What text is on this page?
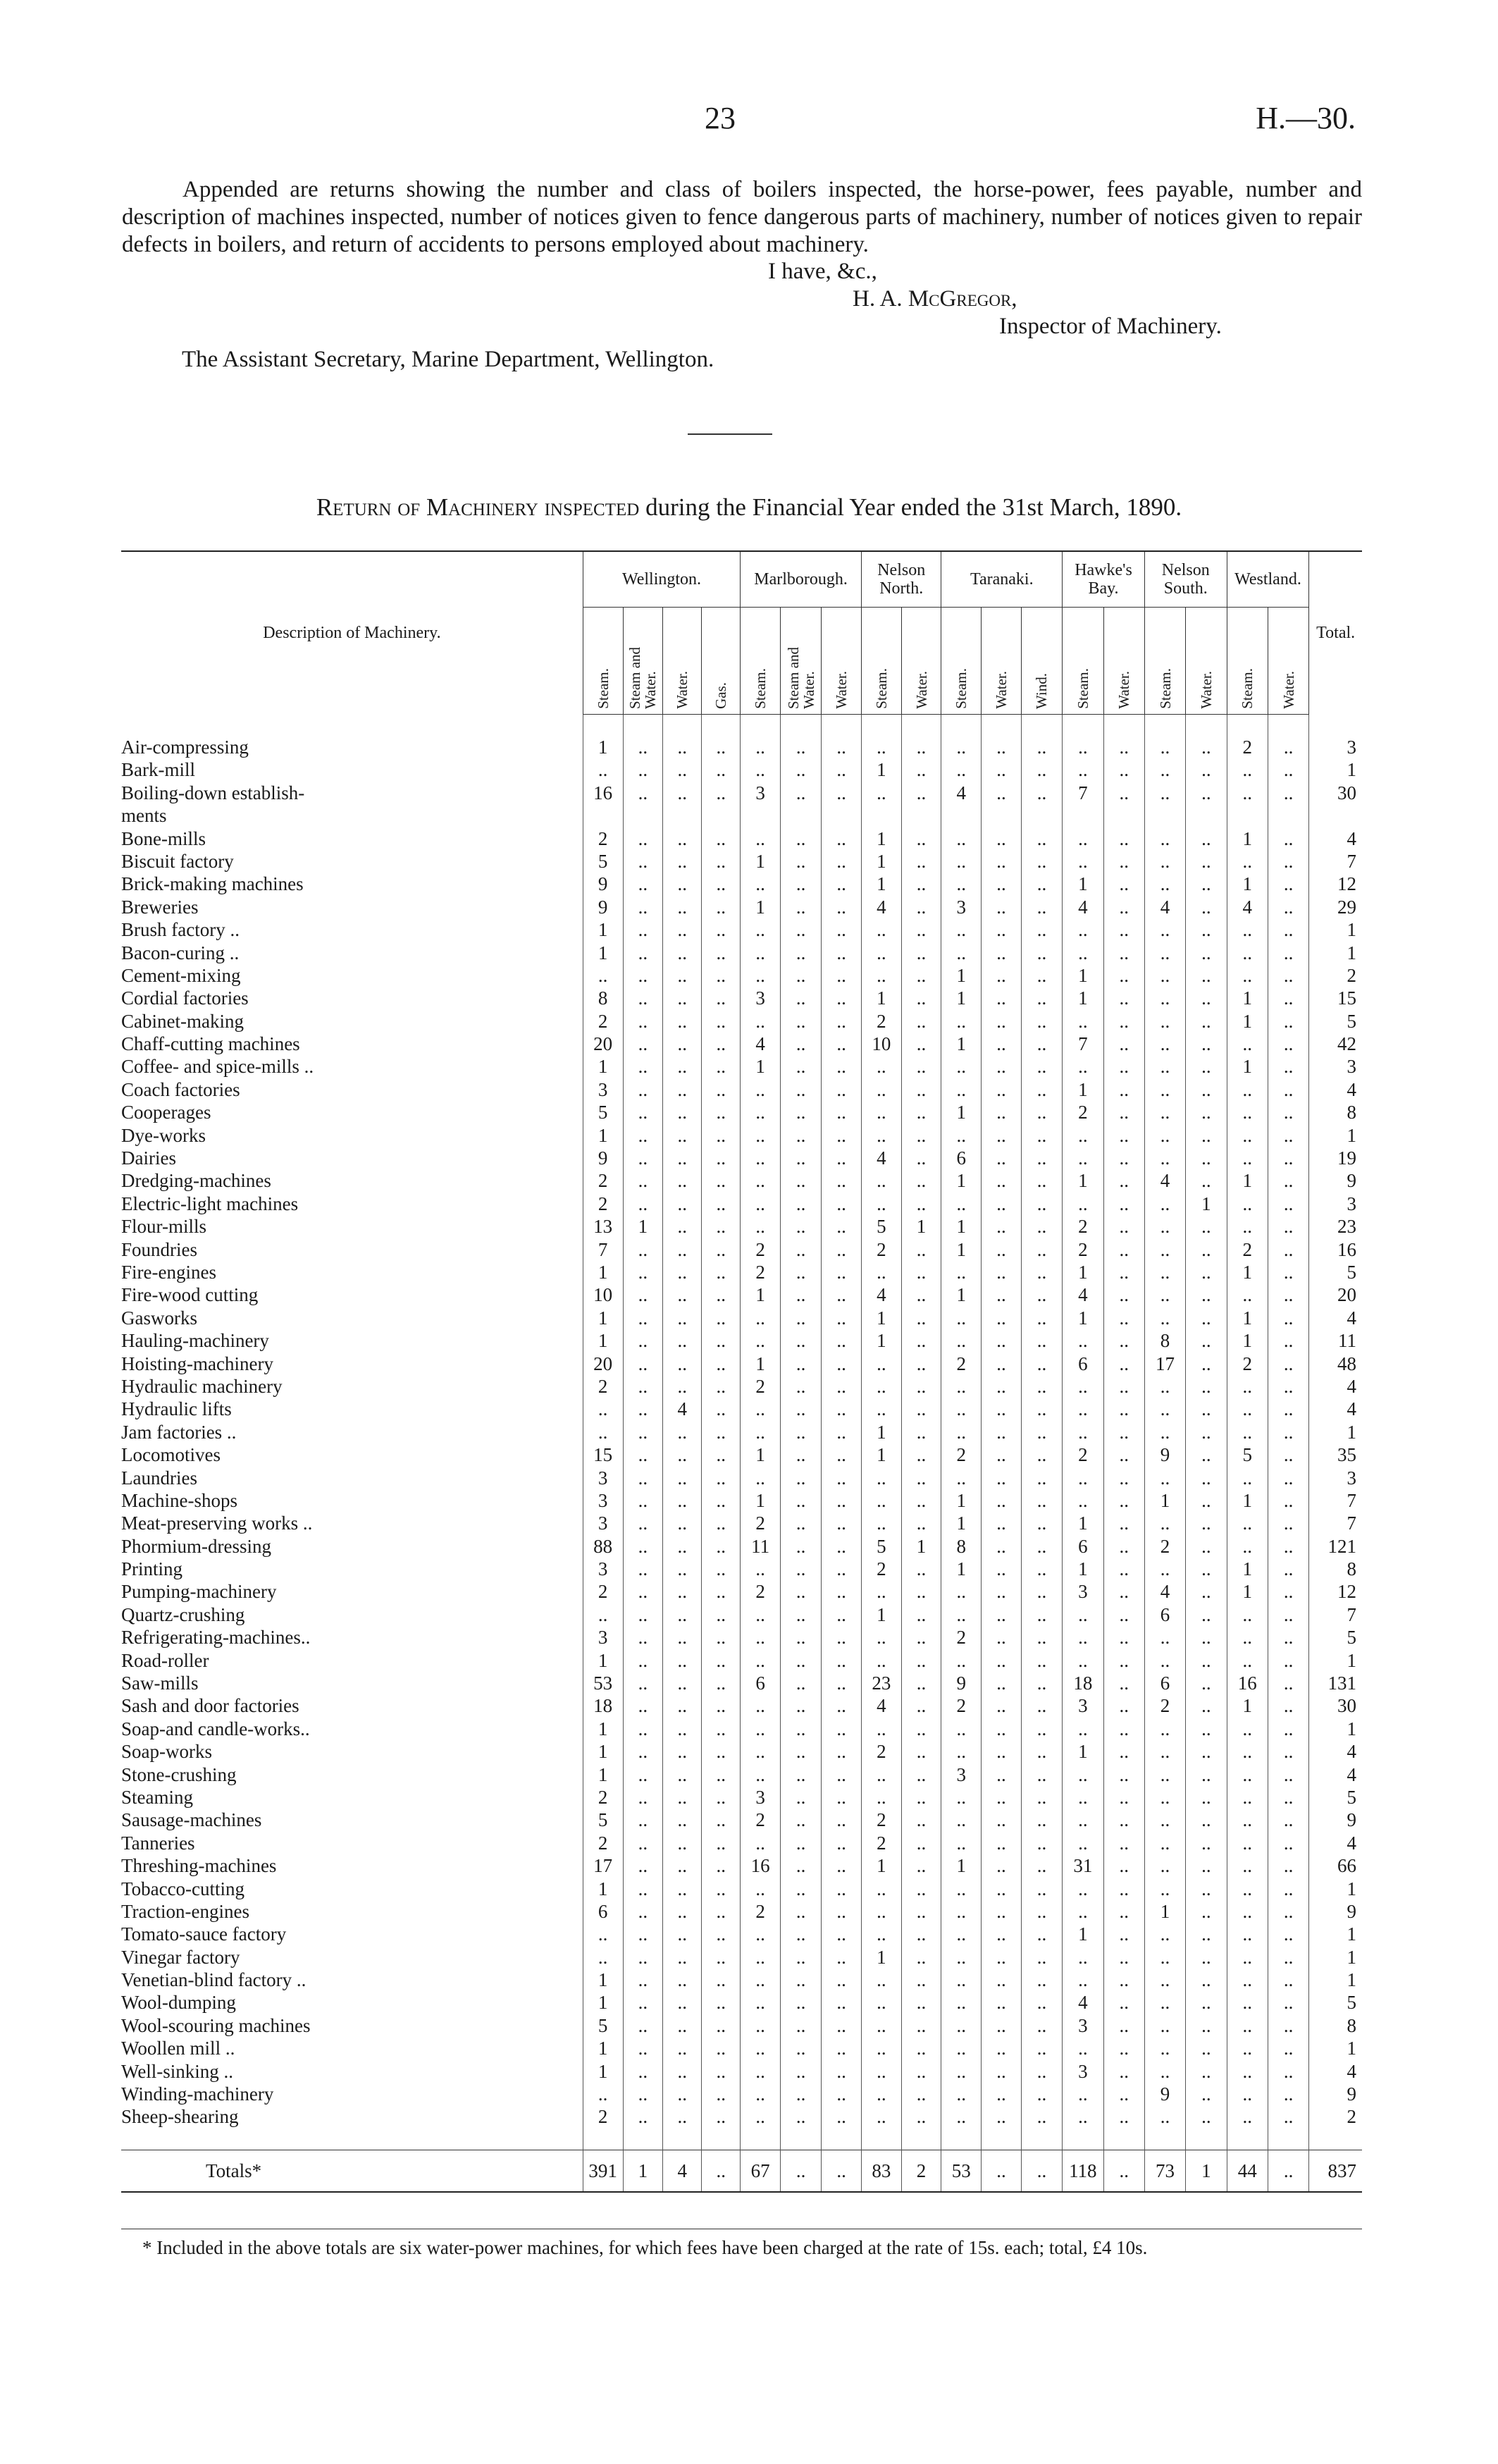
23	H.—30.

Appended are returns showing the number and class of boilers inspected, the horse-power, fees payable, number and description of machines inspected, number of notices given to fence dangerous parts of machinery, number of notices given to repair defects in boilers, and return of accidents to persons employed about machinery.

I have, &c.,
H. A. McGregor,
Inspector of Machinery.
The Assistant Secretary, Marine Department, Wellington.
Return of Machinery inspected during the Financial Year ended the 31st March, 1890.
Description of Machinery.	Wellington.				Marlborough.			Nelson North.		Taranaki.			Hawke's Bay.		Nelson South.		Westland.		Total.
	Steam.	Steam and Water.	Water.	Gas.	Steam.	Steam and Water.	Water.	Steam.	Water.	Steam.	Water.	Wind.	Steam.	Water.	Steam.	Water.	Steam.	Water.	

Air-compressing	1	..	..	..	..	..	..	..	..	..	..	..	..	..	..	..	2	..	3
Bark-mill	..	..	..	..	..	..	..	1	..	..	..	..	..	..	..	..	..	..	1
Boiling-down establish-	16	..	..	..	3	..	..	..	..	4	..	..	7	..	..	..	..	..	30
ments																			
Bone-mills	2	..	..	..	..	..	..	1	..	..	..	..	..	..	..	..	1	..	4
Biscuit factory	5	..	..	..	1	..	..	1	..	..	..	..	..	..	..	..	..	..	7
Brick-making machines	9	..	..	..	..	..	..	1	..	..	..	..	1	..	..	..	1	..	12
Breweries	9	..	..	..	1	..	..	4	..	3	..	..	4	..	4	..	4	..	29
Brush factory ..	1	..	..	..	..	..	..	..	..	..	..	..	..	..	..	..	..	..	1
Bacon-curing ..	1	..	..	..	..	..	..	..	..	..	..	..	..	..	..	..	..	..	1
Cement-mixing	..	..	..	..	..	..	..	..	..	1	..	..	1	..	..	..	..	..	2
Cordial factories	8	..	..	..	3	..	..	1	..	1	..	..	1	..	..	..	1	..	15
Cabinet-making	2	..	..	..	..	..	..	2	..	..	..	..	..	..	..	..	1	..	5
Chaff-cutting machines	20	..	..	..	4	..	..	10	..	1	..	..	7	..	..	..	..	..	42
Coffee- and spice-mills ..	1	..	..	..	1	..	..	..	..	..	..	..	..	..	..	..	1	..	3
Coach factories	3	..	..	..	..	..	..	..	..	..	..	..	1	..	..	..	..	..	4
Cooperages	5	..	..	..	..	..	..	..	..	1	..	..	2	..	..	..	..	..	8
Dye-works	1	..	..	..	..	..	..	..	..	..	..	..	..	..	..	..	..	..	1
Dairies	9	..	..	..	..	..	..	4	..	6	..	..	..	..	..	..	..	..	19
Dredging-machines	2	..	..	..	..	..	..	..	..	1	..	..	1	..	4	..	1	..	9
Electric-light machines	2	..	..	..	..	..	..	..	..	..	..	..	..	..	..	1	..	..	3
Flour-mills	13	1	..	..	..	..	..	5	1	1	..	..	2	..	..	..	..	..	23
Foundries	7	..	..	..	2	..	..	2	..	1	..	..	2	..	..	..	2	..	16
Fire-engines	1	..	..	..	2	..	..	..	..	..	..	..	1	..	..	..	1	..	5
Fire-wood cutting	10	..	..	..	1	..	..	4	..	1	..	..	4	..	..	..	..	..	20
Gasworks	1	..	..	..	..	..	..	1	..	..	..	..	1	..	..	..	1	..	4
Hauling-machinery	1	..	..	..	..	..	..	1	..	..	..	..	..	..	8	..	1	..	11
Hoisting-machinery	20	..	..	..	1	..	..	..	..	2	..	..	6	..	17	..	2	..	48
Hydraulic machinery	2	..	..	..	2	..	..	..	..	..	..	..	..	..	..	..	..	..	4
Hydraulic lifts	..	..	4	..	..	..	..	..	..	..	..	..	..	..	..	..	..	..	4
Jam factories ..	..	..	..	..	..	..	..	1	..	..	..	..	..	..	..	..	..	..	1
Locomotives	15	..	..	..	1	..	..	1	..	2	..	..	2	..	9	..	5	..	35
Laundries	3	..	..	..	..	..	..	..	..	..	..	..	..	..	..	..	..	..	3
Machine-shops	3	..	..	..	1	..	..	..	..	1	..	..	..	..	1	..	1	..	7
Meat-preserving works ..	3	..	..	..	2	..	..	..	..	1	..	..	1	..	..	..	..	..	7
Phormium-dressing	88	..	..	..	11	..	..	5	1	8	..	..	6	..	2	..	..	..	121
Printing	3	..	..	..	..	..	..	2	..	1	..	..	1	..	..	..	1	..	8
Pumping-machinery	2	..	..	..	2	..	..	..	..	..	..	..	3	..	4	..	1	..	12
Quartz-crushing	..	..	..	..	..	..	..	1	..	..	..	..	..	..	6	..	..	..	7
Refrigerating-machines..	3	..	..	..	..	..	..	..	..	2	..	..	..	..	..	..	..	..	5
Road-roller	1	..	..	..	..	..	..	..	..	..	..	..	..	..	..	..	..	..	1
Saw-mills	53	..	..	..	6	..	..	23	..	9	..	..	18	..	6	..	16	..	131
Sash and door factories	18	..	..	..	..	..	..	4	..	2	..	..	3	..	2	..	1	..	30
Soap-and candle-works..	1	..	..	..	..	..	..	..	..	..	..	..	..	..	..	..	..	..	1
Soap-works	1	..	..	..	..	..	..	2	..	..	..	..	1	..	..	..	..	..	4
Stone-crushing	1	..	..	..	..	..	..	..	..	3	..	..	..	..	..	..	..	..	4
Steaming	2	..	..	..	3	..	..	..	..	..	..	..	..	..	..	..	..	..	5
Sausage-machines	5	..	..	..	2	..	..	2	..	..	..	..	..	..	..	..	..	..	9
Tanneries	2	..	..	..	..	..	..	2	..	..	..	..	..	..	..	..	..	..	4
Threshing-machines	17	..	..	..	16	..	..	1	..	1	..	..	31	..	..	..	..	..	66
Tobacco-cutting	1	..	..	..	..	..	..	..	..	..	..	..	..	..	..	..	..	..	1
Traction-engines	6	..	..	..	2	..	..	..	..	..	..	..	..	..	1	..	..	..	9
Tomato-sauce factory	..	..	..	..	..	..	..	..	..	..	..	..	1	..	..	..	..	..	1
Vinegar factory	..	..	..	..	..	..	..	1	..	..	..	..	..	..	..	..	..	..	1
Venetian-blind factory ..	1	..	..	..	..	..	..	..	..	..	..	..	..	..	..	..	..	..	1
Wool-dumping	1	..	..	..	..	..	..	..	..	..	..	..	4	..	..	..	..	..	5
Wool-scouring machines	5	..	..	..	..	..	..	..	..	..	..	..	3	..	..	..	..	..	8
Woollen mill ..	1	..	..	..	..	..	..	..	..	..	..	..	..	..	..	..	..	..	1
Well-sinking ..	1	..	..	..	..	..	..	..	..	..	..	..	3	..	..	..	..	..	4
Winding-machinery	..	..	..	..	..	..	..	..	..	..	..	..	..	..	9	..	..	..	9
Sheep-shearing	2	..	..	..	..	..	..	..	..	..	..	..	..	..	..	..	..	..	2

Totals*	391	1	4	..	67	..	..	83	2	53	..	..	118	..	73	1	44	..	837

* Included in the above totals are six water-power machines, for which fees have been charged at the rate of 15s. each; total, £4 10s.
